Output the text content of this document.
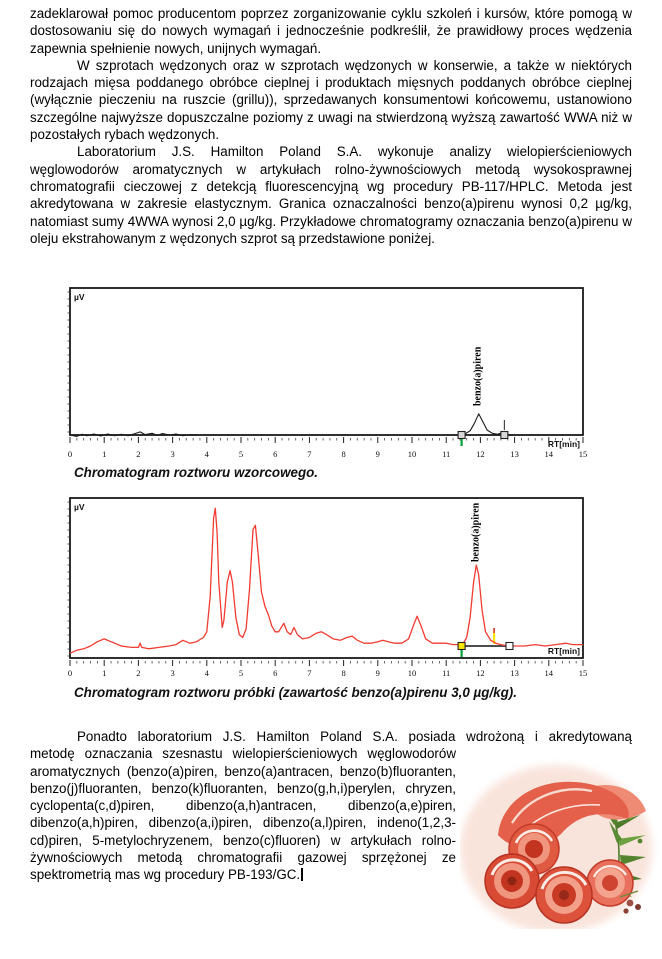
zadeklarował pomoc producentom poprzez zorganizowanie cyklu szkoleń i kursów, które pomogą w dostosowaniu się do nowych wymagań i jednocześnie podkreślił, że prawidłowy proces wędzenia zapewnia spełnienie nowych, unijnych wymagań.

W szprotach wędzonych oraz w szprotach wędzonych w konserwie, a także w niektórych rodzajach mięsa poddanego obróbce cieplnej i produktach mięsnych poddanych obróbce cieplnej (wyłącznie pieczeniu na ruszcie (grillu)), sprzedawanych konsumentowi końcowemu, ustanowiono szczególne najwyższe dopuszczalne poziomy z uwagi na stwierdzoną wyższą zawartość WWA niż w pozostałych rybach wędzonych.

Laboratorium J.S. Hamilton Poland S.A. wykonuje analizy wielopierścieniowych węglowodorów aromatycznych w artykułach rolno-żywnościowych metodą wysokosprawnej chromatografii cieczowej z detekcją fluorescencyjną wg procedury PB-117/HPLC. Metoda jest akredytowana w zakresie elastycznym. Granica oznaczalności benzo(a)pirenu wynosi 0,2 µg/kg, natomiast sumy 4WWA wynosi 2,0 µg/kg. Przykładowe chromatogramy oznaczania benzo(a)pirenu w oleju ekstrahowanym z wędzonych szprot są przedstawione poniżej.

0	1	2	3	4	5	6	7	8	9	10	11	12	13	14	15
µV
RT[min]
benzo(a)piren
Chromatogram roztworu wzorcowego.
0	1	2	3	4	5	6	7	8	9	10	11	12	13	14	15
µV
RT[min]
benzo(a)piren
Chromatogram roztworu próbki (zawartość benzo(a)pirenu 3,0 µg/kg).
Ponadto laboratorium J.S. Hamilton Poland S.A. posiada wdrożoną i akredytowaną
metodę oznaczania szesnastu wielopierścieniowych węglowodorów aromatycznych (benzo(a)piren, benzo(a)antracen, benzo(b)fluoranten, benzo(j)fluoranten, benzo(k)fluoranten, benzo(g,h,i)perylen, chryzen, cyclopenta(c,d)piren, dibenzo(a,h)antracen, dibenzo(a,e)piren, dibenzo(a,h)piren, dibenzo(a,i)piren, dibenzo(a,l)piren, indeno(1,2,3- cd)piren, 5-metylochryzenem, benzo(c)fluoren) w artykułach rolno-żywnościowych metodą chromatografii gazowej sprzężonej ze spektrometrią mas wg procedury PB-193/GC.
